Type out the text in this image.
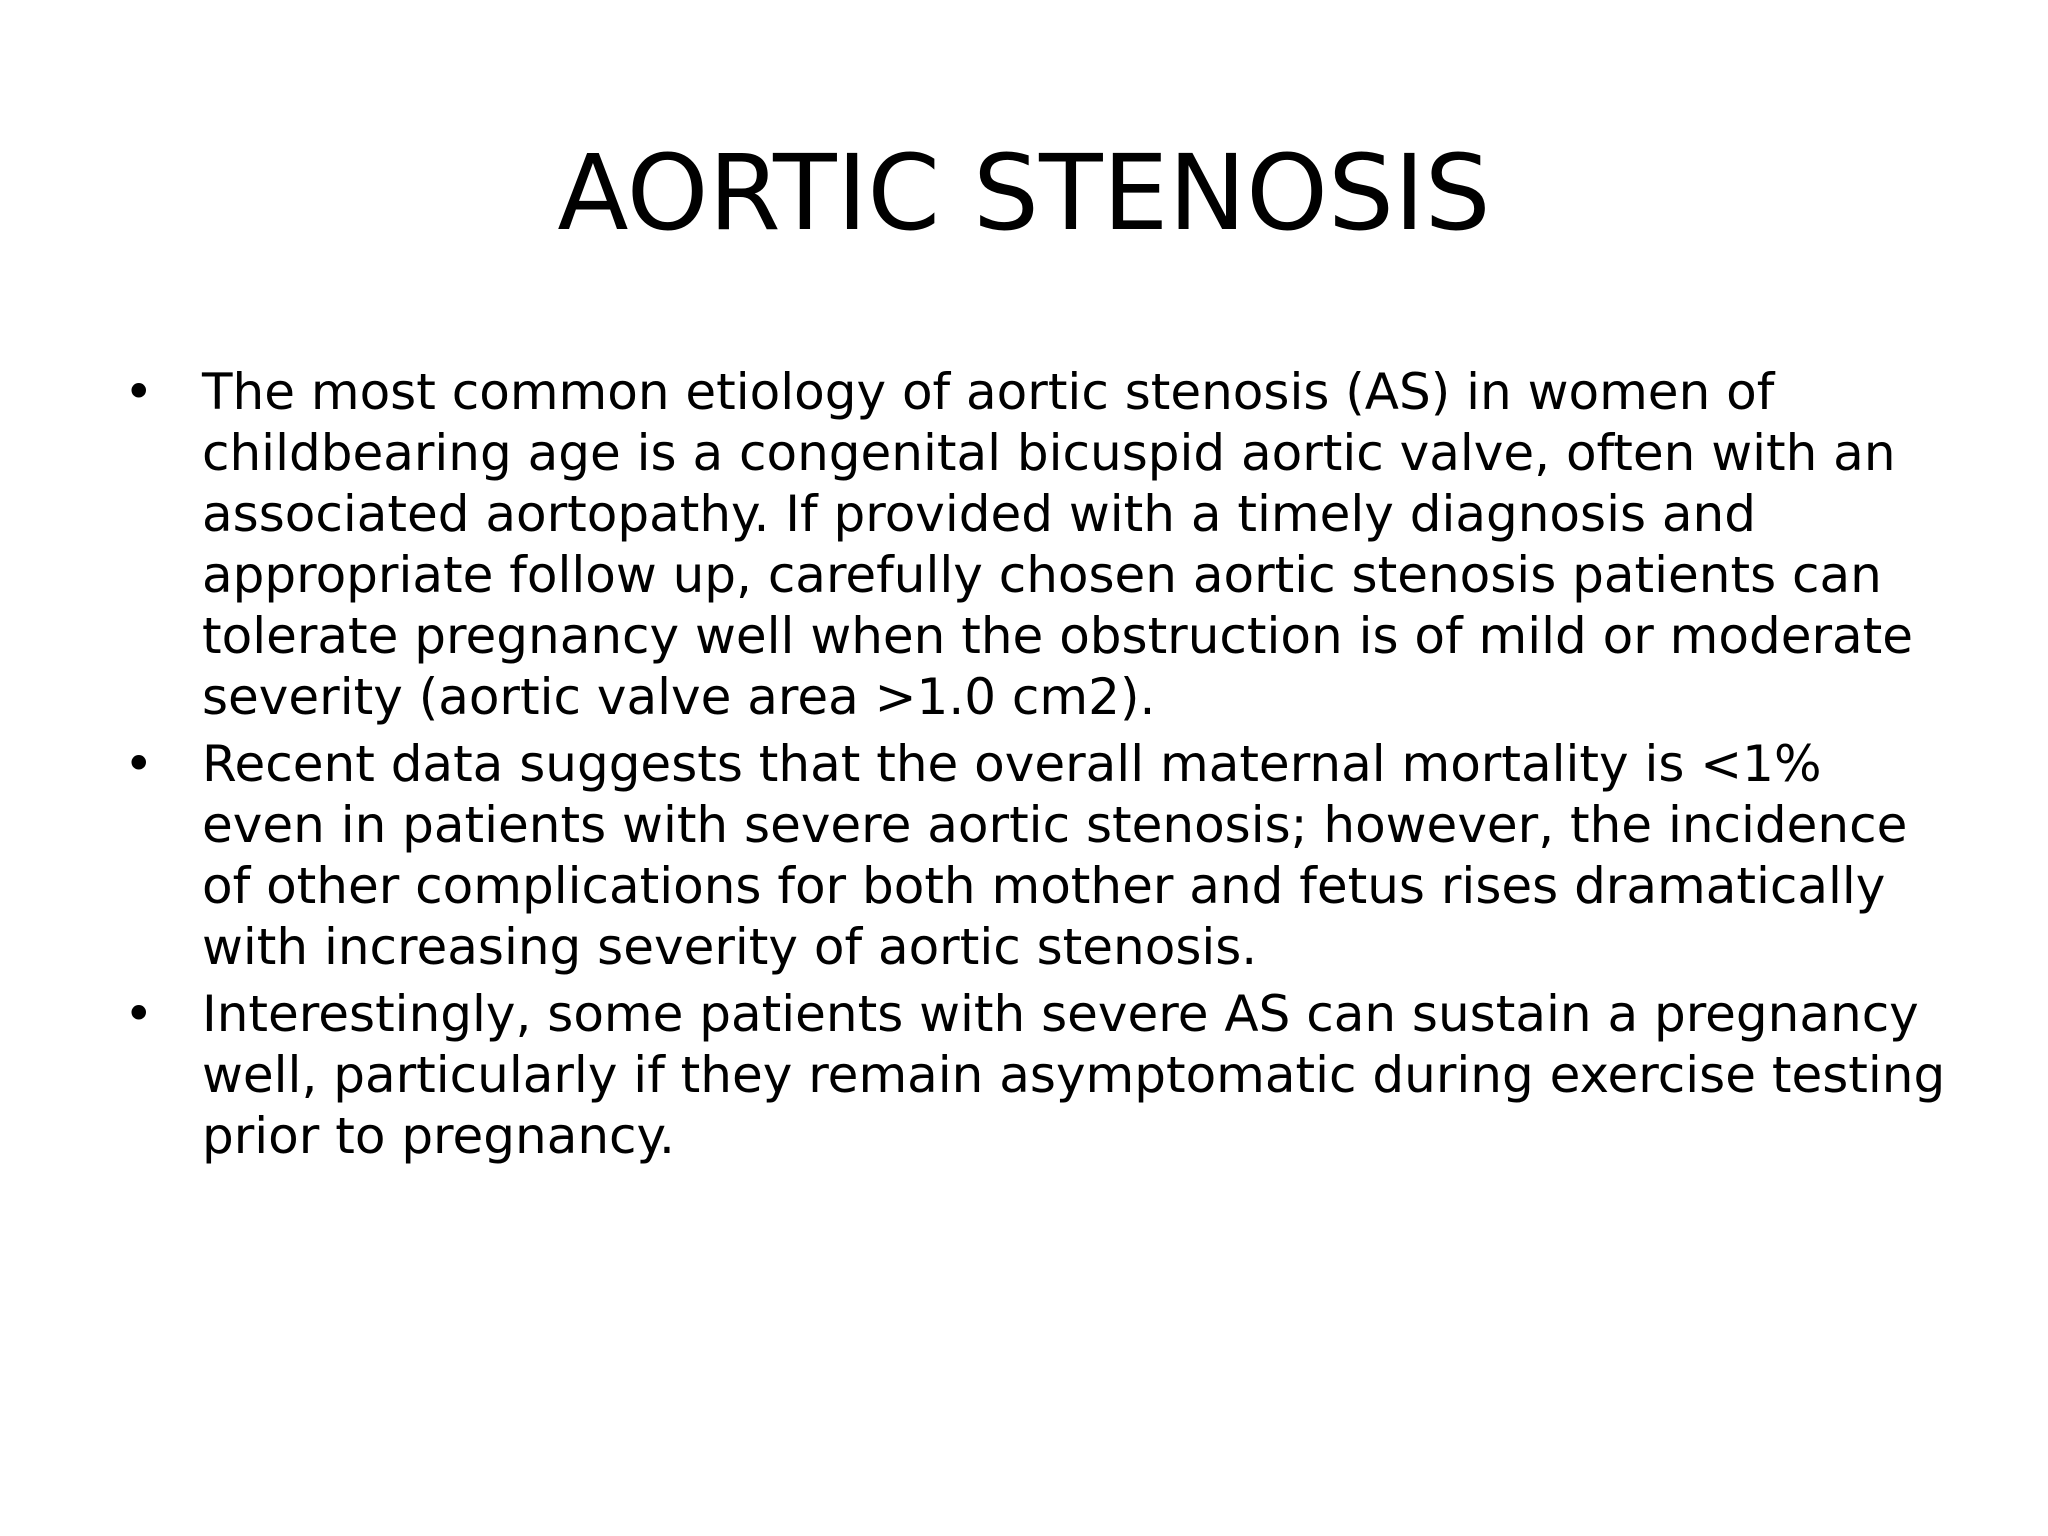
AORTIC STENOSIS
• The most common etiology of aortic stenosis (AS) in women of childbearing age is a congenital bicuspid aortic valve, often with an associated aortopathy. If provided with a timely diagnosis and appropriate follow up, carefully chosen aortic stenosis patients can tolerate pregnancy well when the obstruction is of mild or moderate severity (aortic valve area >1.0 cm2).
• Recent data suggests that the overall maternal mortality is <1% even in patients with severe aortic stenosis; however, the incidence of other complications for both mother and fetus rises dramatically with increasing severity of aortic stenosis.
• Interestingly, some patients with severe AS can sustain a pregnancy well, particularly if they remain asymptomatic during exercise testing prior to pregnancy.
